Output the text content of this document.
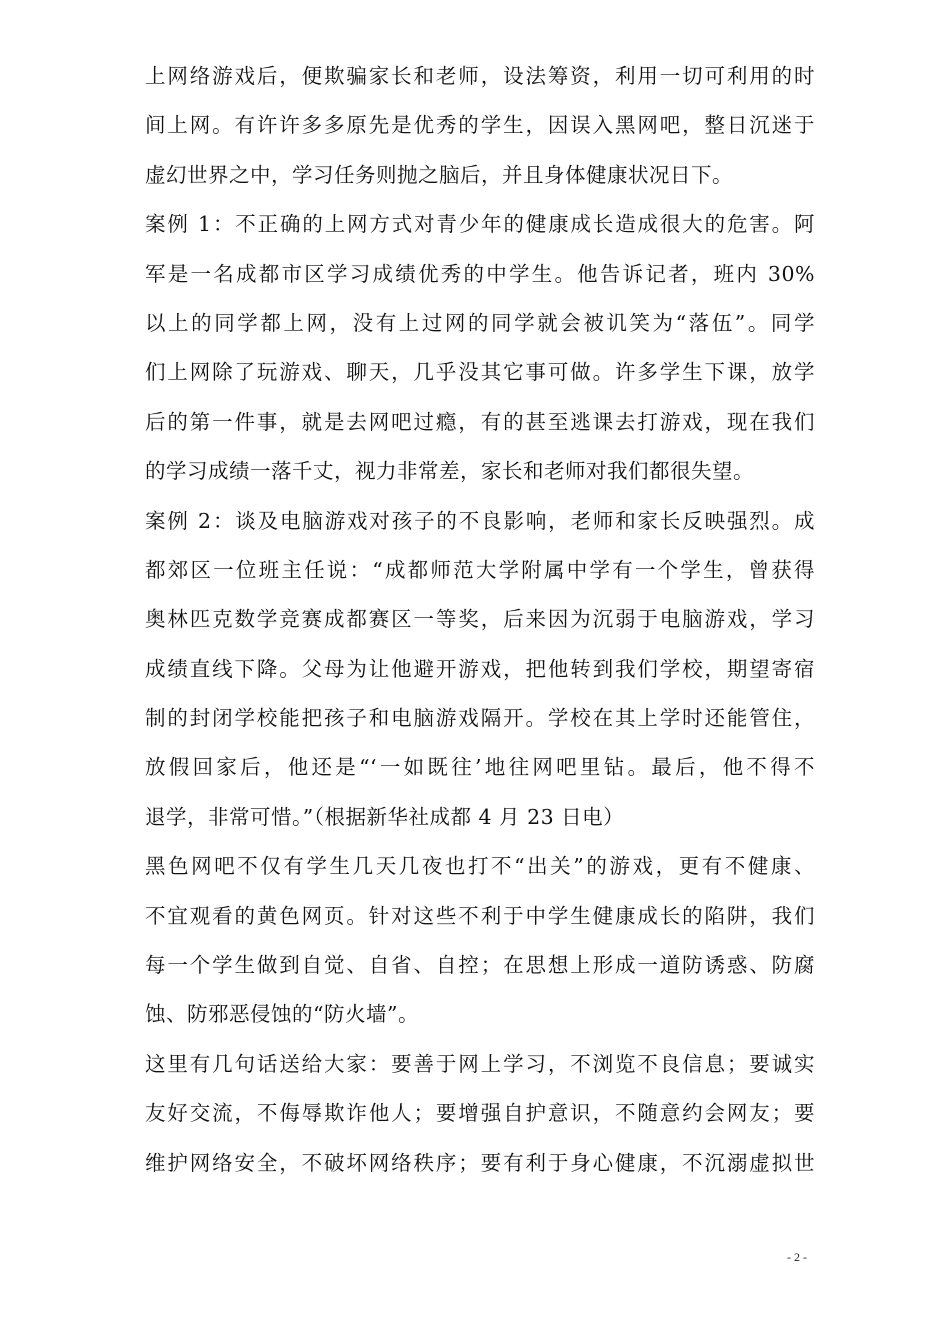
上网络游戏后，便欺骗家长和老师，设法筹资，利用一切可利用的时
间上网。有许许多多原先是优秀的学生，因误入黑网吧，整日沉迷于
虚幻世界之中，学习任务则抛之脑后，并且身体健康状况日下。
案例 1：不正确的上网方式对青少年的健康成长造成很大的危害。阿
军是一名成都市区学习成绩优秀的中学生。他告诉记者，班内 30%
以上的同学都上网，没有上过网的同学就会被讥笑为“落伍”。同学
们上网除了玩游戏、聊天，几乎没其它事可做。许多学生下课，放学
后的第一件事，就是去网吧过瘾，有的甚至逃课去打游戏，现在我们
的学习成绩一落千丈，视力非常差，家长和老师对我们都很失望。
案例 2：谈及电脑游戏对孩子的不良影响，老师和家长反映强烈。成
都郊区一位班主任说：“成都师范大学附属中学有一个学生，曾获得
奥林匹克数学竞赛成都赛区一等奖，后来因为沉弱于电脑游戏，学习
成绩直线下降。父母为让他避开游戏，把他转到我们学校，期望寄宿
制的封闭学校能把孩子和电脑游戏隔开。学校在其上学时还能管住，
放假回家后，他还是“‘一如既往’地往网吧里钻。最后，他不得不
退学，非常可惜。”（根据新华社成都 4 月 23 日电）
黑色网吧不仅有学生几天几夜也打不“出关”的游戏，更有不健康、
不宜观看的黄色网页。针对这些不利于中学生健康成长的陷阱，我们
每一个学生做到自觉、自省、自控；在思想上形成一道防诱惑、防腐
蚀、防邪恶侵蚀的“防火墙”。
这里有几句话送给大家：要善于网上学习，不浏览不良信息；要诚实
友好交流，不侮辱欺诈他人；要增强自护意识，不随意约会网友；要
维护网络安全，不破坏网络秩序；要有利于身心健康，不沉溺虚拟世
- 2 -
